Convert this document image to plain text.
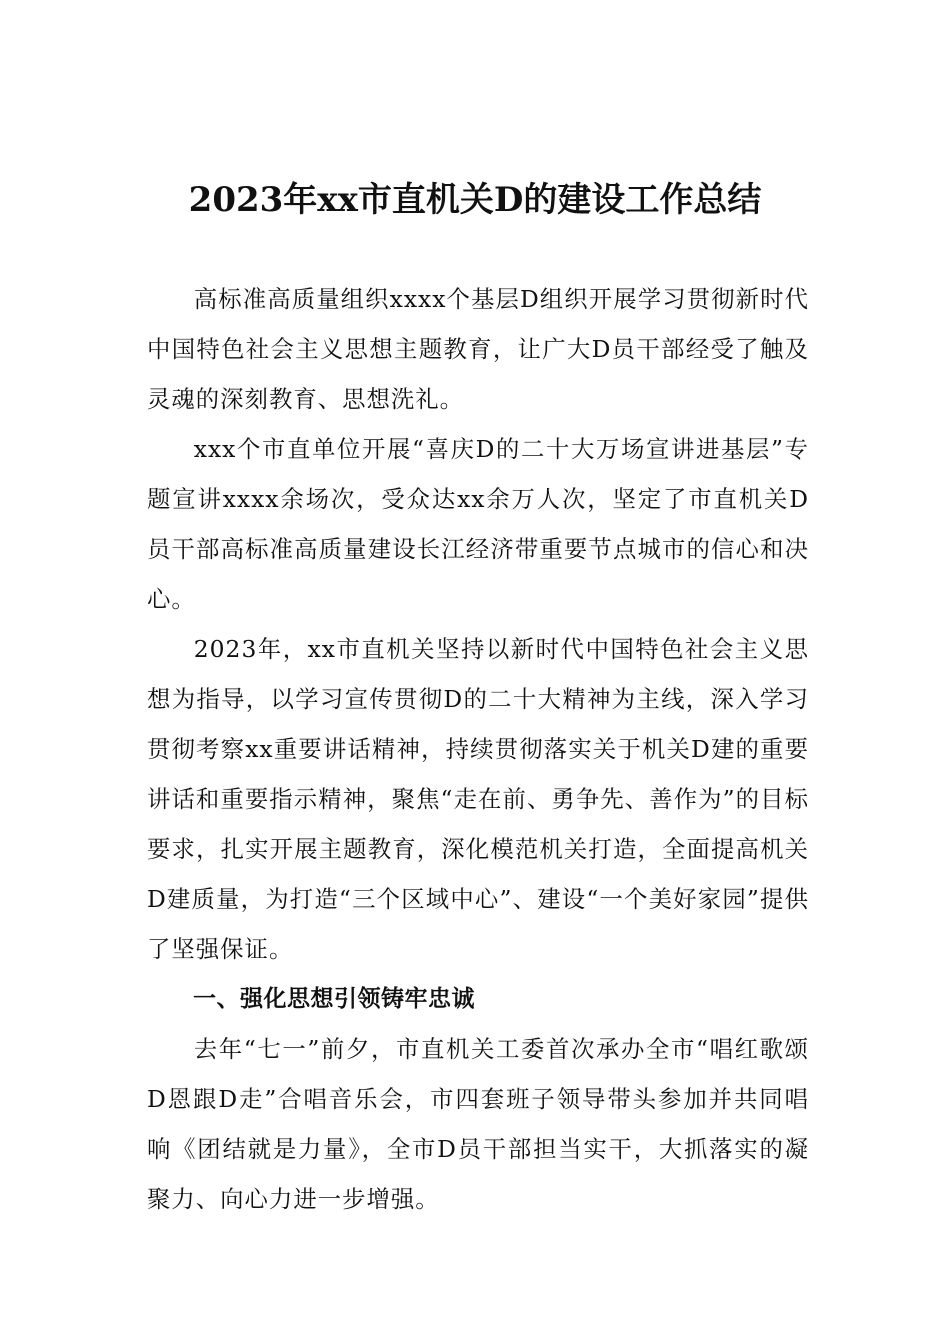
2023年xx市直机关D的建设工作总结

高标准高质量组织xxxx个基层D组织开展学习贯彻新时代中国特色社会主义思想主题教育，让广大D员干部经受了触及灵魂的深刻教育、思想洗礼。

xxx个市直单位开展“喜庆D的二十大万场宣讲进基层”专题宣讲xxxx余场次，受众达xx余万人次，坚定了市直机关D员干部高标准高质量建设长江经济带重要节点城市的信心和决心。

2023年，xx市直机关坚持以新时代中国特色社会主义思想为指导，以学习宣传贯彻D的二十大精神为主线，深入学习贯彻考察xx重要讲话精神，持续贯彻落实关于机关D建的重要讲话和重要指示精神，聚焦“走在前、勇争先、善作为”的目标要求，扎实开展主题教育，深化模范机关打造，全面提高机关D建质量，为打造“三个区域中心”、建设“一个美好家园”提供了坚强保证。

一、强化思想引领铸牢忠诚

去年“七一”前夕，市直机关工委首次承办全市“唱红歌颂D恩跟D走”合唱音乐会，市四套班子领导带头参加并共同唱响《团结就是力量》，全市D员干部担当实干，大抓落实的凝聚力、向心力进一步增强。
